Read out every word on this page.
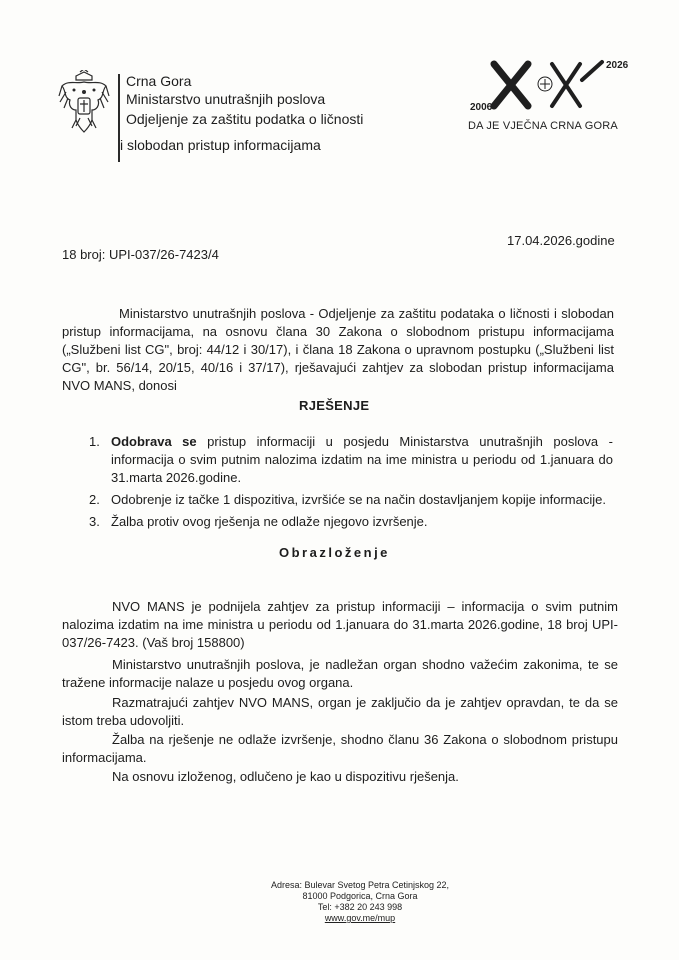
Crna Gora
Ministarstvo unutrašnjih poslova
Odjeljenje za zaštitu podatka o ličnosti
i slobodan pristup informacijama
2026
2006
XX
DA JE VJEČNA CRNA GORA
18 broj: UPI-037/26-7423/4
17.04.2026.godine
Ministarstvo unutrašnjih poslova - Odjeljenje za zaštitu podataka o ličnosti i slobodan pristup informacijama, na osnovu člana 30 Zakona o slobodnom pristupu informacijama („Službeni list CG", broj: 44/12 i 30/17), i člana 18 Zakona o upravnom postupku („Službeni list CG", br. 56/14, 20/15, 40/16 i 37/17), rješavajući zahtjev za slobodan pristup informacijama NVO MANS, donosi
RJEŠENJE
1. Odobrava se pristup informaciji u posjedu Ministarstva unutrašnjih poslova - informacija o svim putnim nalozima izdatim na ime ministra u periodu od 1.januara do 31.marta 2026.godine.
2. Odobrenje iz tačke 1 dispozitiva, izvršiće se na način dostavljanjem kopije informacije.
3. Žalba protiv ovog rješenja ne odlaže njegovo izvršenje.
Obrazloženje
NVO MANS je podnijela zahtjev za pristup informaciji – informacija o svim putnim nalozima izdatim na ime ministra u periodu od 1.januara do 31.marta 2026.godine, 18 broj UPI-037/26-7423. (Vaš broj 158800)
Ministarstvo unutrašnjih poslova, je nadležan organ shodno važećim zakonima, te se tražene informacije nalaze u posjedu ovog organa.
Razmatrajući zahtjev NVO MANS, organ je zaključio da je zahtjev opravdan, te da se istom treba udovoljiti.
Žalba na rješenje ne odlaže izvršenje, shodno članu 36 Zakona o slobodnom pristupu informacijama.
Na osnovu izloženog, odlučeno je kao u dispozitivu rješenja.
Adresa: Bulevar Svetog Petra Cetinjskog 22,
81000 Podgorica, Crna Gora
Tel: +382 20 243 998
www.gov.me/mup
